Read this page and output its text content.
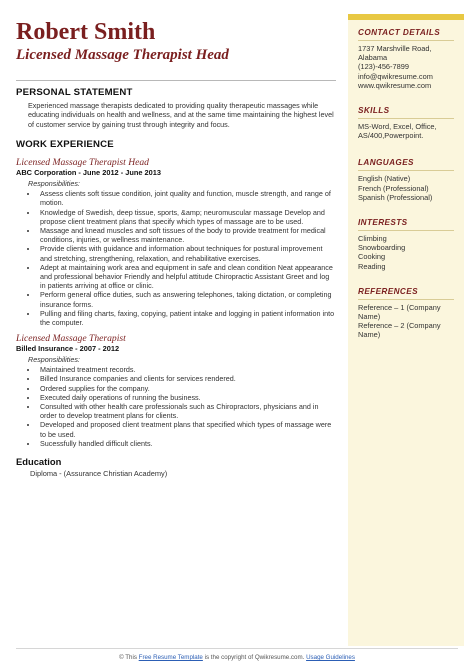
Robert Smith
Licensed Massage Therapist Head
PERSONAL STATEMENT
Experienced massage therapists dedicated to providing quality therapeutic massages while educating individuals on health and wellness, and at the same time maintaining the highest level of customer service by gaining trust through integrity and focus.
WORK EXPERIENCE
Licensed Massage Therapist Head
ABC Corporation - June 2012 - June 2013
Responsibilities:
• Assess clients soft tissue condition, joint quality and function, muscle strength, and range of motion.
• Knowledge of Swedish, deep tissue, sports, &amp; neuromuscular massage Develop and propose client treatment plans that specify which types of massage are to be used.
• Massage and knead muscles and soft tissues of the body to provide treatment for medical conditions, injuries, or wellness maintenance.
• Provide clients with guidance and information about techniques for postural improvement and stretching, strengthening, relaxation, and rehabilitative exercises.
• Adept at maintaining work area and equipment in safe and clean condition Neat appearance and professional behavior Friendly and helpful attitude Chiropractic Assistant Greet and log in patients arriving at office or clinic.
• Perform general office duties, such as answering telephones, taking dictation, or completing insurance forms.
• Pulling and filing charts, faxing, copying, patient intake and logging in patient information into the computer.
Licensed Massage Therapist
Billed Insurance - 2007 - 2012
Responsibilities:
• Maintained treatment records.
• Billed Insurance companies and clients for services rendered.
• Ordered supplies for the company.
• Executed daily operations of running the business.
• Consulted with other health care professionals such as Chiropractors, physicians and in order to develop treatment plans for clients.
• Developed and proposed client treatment plans that specified which types of massage were to be used.
• Sucessfully handled difficult clients.
Education
Diploma - (Assurance Christian Academy)
CONTACT DETAILS
1737 Marshville Road,
Alabama
(123)-456-7899
info@qwikresume.com
www.qwikresume.com
SKILLS
MS-Word, Excel, Office, AS/400,Powerpoint.
LANGUAGES
English (Native)
French (Professional)
Spanish (Professional)
INTERESTS
Climbing
Snowboarding
Cooking
Reading
REFERENCES
Reference – 1 (Company Name)
Reference – 2 (Company Name)
© This Free Resume Template is the copyright of Qwikresume.com. Usage Guidelines
